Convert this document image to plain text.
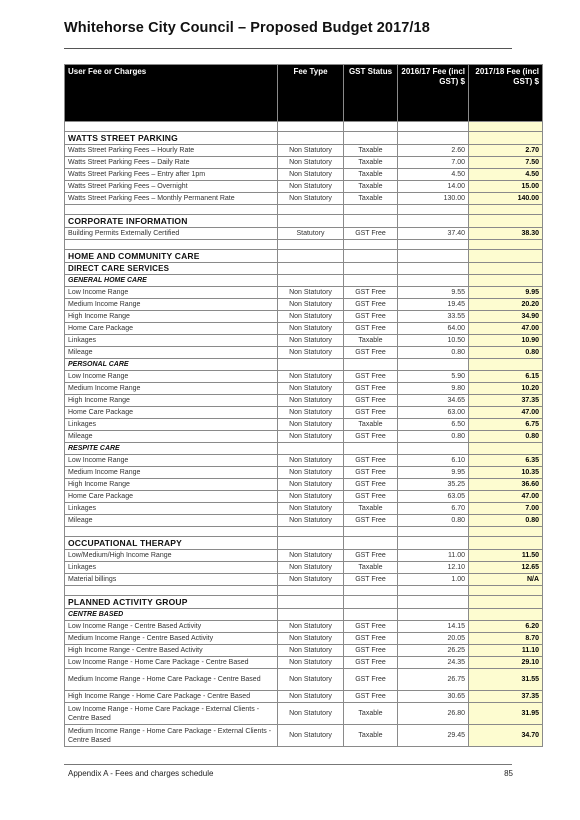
Whitehorse City Council – Proposed Budget 2017/18
User Fee or Charges	Fee Type	GST Status	2016/17 Fee (incl GST) $	2017/18 Fee (incl GST) $

WATTS STREET PARKING				
Watts Street Parking Fees – Hourly Rate	Non Statutory	Taxable	2.60	2.70
Watts Street Parking Fees – Daily Rate	Non Statutory	Taxable	7.00	7.50
Watts Street Parking Fees – Entry after 1pm	Non Statutory	Taxable	4.50	4.50
Watts Street Parking Fees – Overnight	Non Statutory	Taxable	14.00	15.00
Watts Street Parking Fees – Monthly Permanent Rate	Non Statutory	Taxable	130.00	140.00

CORPORATE INFORMATION				
Building Permits Externally Certified	Statutory	GST Free	37.40	38.30

HOME AND COMMUNITY CARE				
DIRECT CARE SERVICES				
GENERAL HOME CARE				
Low Income Range	Non Statutory	GST Free	9.55	9.95
Medium Income Range	Non Statutory	GST Free	19.45	20.20
High Income Range	Non Statutory	GST Free	33.55	34.90
Home Care Package	Non Statutory	GST Free	64.00	47.00
Linkages	Non Statutory	Taxable	10.50	10.90
Mileage	Non Statutory	GST Free	0.80	0.80
PERSONAL CARE				
Low Income Range	Non Statutory	GST Free	5.90	6.15
Medium Income Range	Non Statutory	GST Free	9.80	10.20
High Income Range	Non Statutory	GST Free	34.65	37.35
Home Care Package	Non Statutory	GST Free	63.00	47.00
Linkages	Non Statutory	Taxable	6.50	6.75
Mileage	Non Statutory	GST Free	0.80	0.80
RESPITE CARE				
Low Income Range	Non Statutory	GST Free	6.10	6.35
Medium Income Range	Non Statutory	GST Free	9.95	10.35
High Income Range	Non Statutory	GST Free	35.25	36.60
Home Care Package	Non Statutory	GST Free	63.05	47.00
Linkages	Non Statutory	Taxable	6.70	7.00
Mileage	Non Statutory	GST Free	0.80	0.80

OCCUPATIONAL THERAPY				
Low/Medium/High Income Range	Non Statutory	GST Free	11.00	11.50
Linkages	Non Statutory	Taxable	12.10	12.65
Material billings	Non Statutory	GST Free	1.00	N/A

PLANNED ACTIVITY GROUP				
CENTRE BASED				
Low Income Range - Centre Based Activity	Non Statutory	GST Free	14.15	6.20
Medium Income Range - Centre Based Activity	Non Statutory	GST Free	20.05	8.70
High Income Range - Centre Based Activity	Non Statutory	GST Free	26.25	11.10
Low Income Range - Home Care Package - Centre Based	Non Statutory	GST Free	24.35	29.10
Medium Income Range - Home Care Package - Centre Based	Non Statutory	GST Free	26.75	31.55
High Income Range - Home Care Package - Centre Based	Non Statutory	GST Free	30.65	37.35
Low Income Range - Home Care Package - External Clients - Centre Based	Non Statutory	Taxable	26.80	31.95
Medium Income Range - Home Care Package - External Clients - Centre Based	Non Statutory	Taxable	29.45	34.70
Appendix A - Fees and charges schedule	85
